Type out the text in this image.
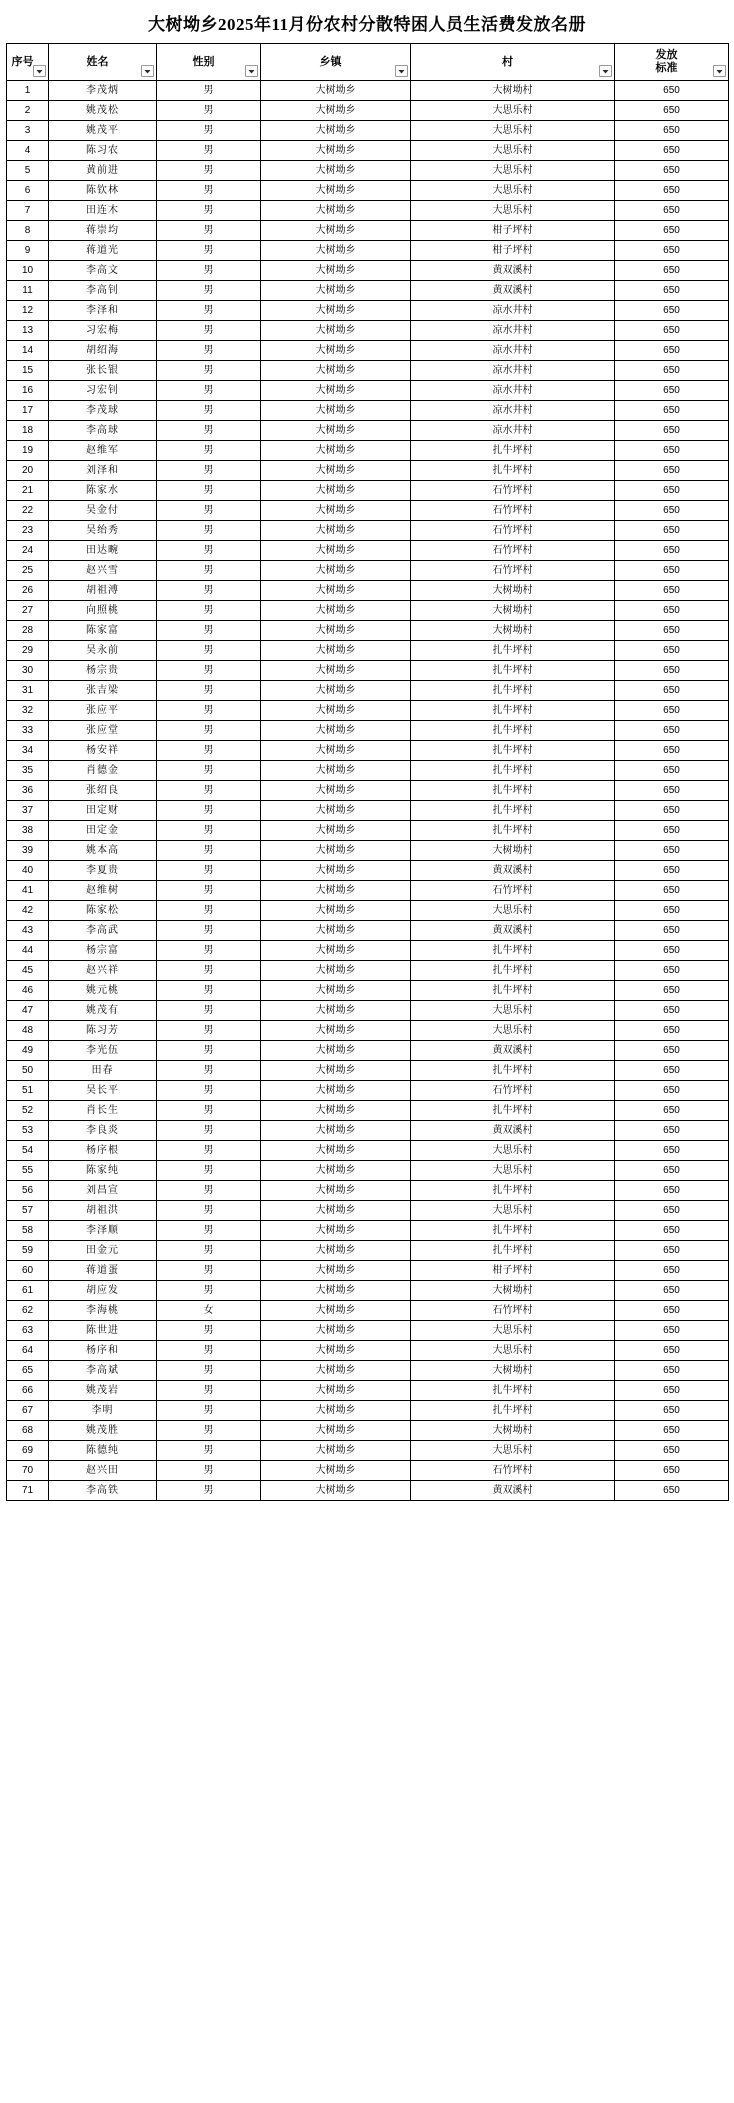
大树坳乡2025年11月份农村分散特困人员生活费发放名册
序号	姓名	性别	乡镇	村	发放
标准

1	李茂炳	男	大树坳乡	大树坳村	650
2	姚茂松	男	大树坳乡	大思乐村	650
3	姚茂平	男	大树坳乡	大思乐村	650
4	陈习农	男	大树坳乡	大思乐村	650
5	黄前进	男	大树坳乡	大思乐村	650
6	陈钦林	男	大树坳乡	大思乐村	650
7	田连木	男	大树坳乡	大思乐村	650
8	蒋崇均	男	大树坳乡	柑子坪村	650
9	蒋道光	男	大树坳乡	柑子坪村	650
10	李高文	男	大树坳乡	黄双溪村	650
11	李高钊	男	大树坳乡	黄双溪村	650
12	李泽和	男	大树坳乡	凉水井村	650
13	习宏梅	男	大树坳乡	凉水井村	650
14	胡绍海	男	大树坳乡	凉水井村	650
15	张长银	男	大树坳乡	凉水井村	650
16	习宏钊	男	大树坳乡	凉水井村	650
17	李茂球	男	大树坳乡	凉水井村	650
18	李高球	男	大树坳乡	凉水井村	650
19	赵维军	男	大树坳乡	扎牛坪村	650
20	刘泽和	男	大树坳乡	扎牛坪村	650
21	陈家水	男	大树坳乡	石竹坪村	650
22	吴金付	男	大树坳乡	石竹坪村	650
23	吴绐秀	男	大树坳乡	石竹坪村	650
24	田达畹	男	大树坳乡	石竹坪村	650
25	赵兴雪	男	大树坳乡	石竹坪村	650
26	胡祖溥	男	大树坳乡	大树坳村	650
27	向照桃	男	大树坳乡	大树坳村	650
28	陈家富	男	大树坳乡	大树坳村	650
29	吴永前	男	大树坳乡	扎牛坪村	650
30	杨宗贵	男	大树坳乡	扎牛坪村	650
31	张吉梁	男	大树坳乡	扎牛坪村	650
32	张应平	男	大树坳乡	扎牛坪村	650
33	张应堂	男	大树坳乡	扎牛坪村	650
34	杨安祥	男	大树坳乡	扎牛坪村	650
35	肖德金	男	大树坳乡	扎牛坪村	650
36	张绍良	男	大树坳乡	扎牛坪村	650
37	田定财	男	大树坳乡	扎牛坪村	650
38	田定金	男	大树坳乡	扎牛坪村	650
39	姚本高	男	大树坳乡	大树坳村	650
40	李夏贵	男	大树坳乡	黄双溪村	650
41	赵维树	男	大树坳乡	石竹坪村	650
42	陈家松	男	大树坳乡	大思乐村	650
43	李高武	男	大树坳乡	黄双溪村	650
44	杨宗富	男	大树坳乡	扎牛坪村	650
45	赵兴祥	男	大树坳乡	扎牛坪村	650
46	姚元桃	男	大树坳乡	扎牛坪村	650
47	姚茂有	男	大树坳乡	大思乐村	650
48	陈习芳	男	大树坳乡	大思乐村	650
49	李光伍	男	大树坳乡	黄双溪村	650
50	田春	男	大树坳乡	扎牛坪村	650
51	吴长平	男	大树坳乡	石竹坪村	650
52	肖长生	男	大树坳乡	扎牛坪村	650
53	李良炎	男	大树坳乡	黄双溪村	650
54	杨序根	男	大树坳乡	大思乐村	650
55	陈家纯	男	大树坳乡	大思乐村	650
56	刘昌宣	男	大树坳乡	扎牛坪村	650
57	胡祖洪	男	大树坳乡	大思乐村	650
58	李泽顺	男	大树坳乡	扎牛坪村	650
59	田金元	男	大树坳乡	扎牛坪村	650
60	蒋道蛋	男	大树坳乡	柑子坪村	650
61	胡应发	男	大树坳乡	大树坳村	650
62	李海桃	女	大树坳乡	石竹坪村	650
63	陈世进	男	大树坳乡	大思乐村	650
64	杨序和	男	大树坳乡	大思乐村	650
65	李高斌	男	大树坳乡	大树坳村	650
66	姚茂岩	男	大树坳乡	扎牛坪村	650
67	李明	男	大树坳乡	扎牛坪村	650
68	姚茂胜	男	大树坳乡	大树坳村	650
69	陈德纯	男	大树坳乡	大思乐村	650
70	赵兴田	男	大树坳乡	石竹坪村	650
71	李高铁	男	大树坳乡	黄双溪村	650
